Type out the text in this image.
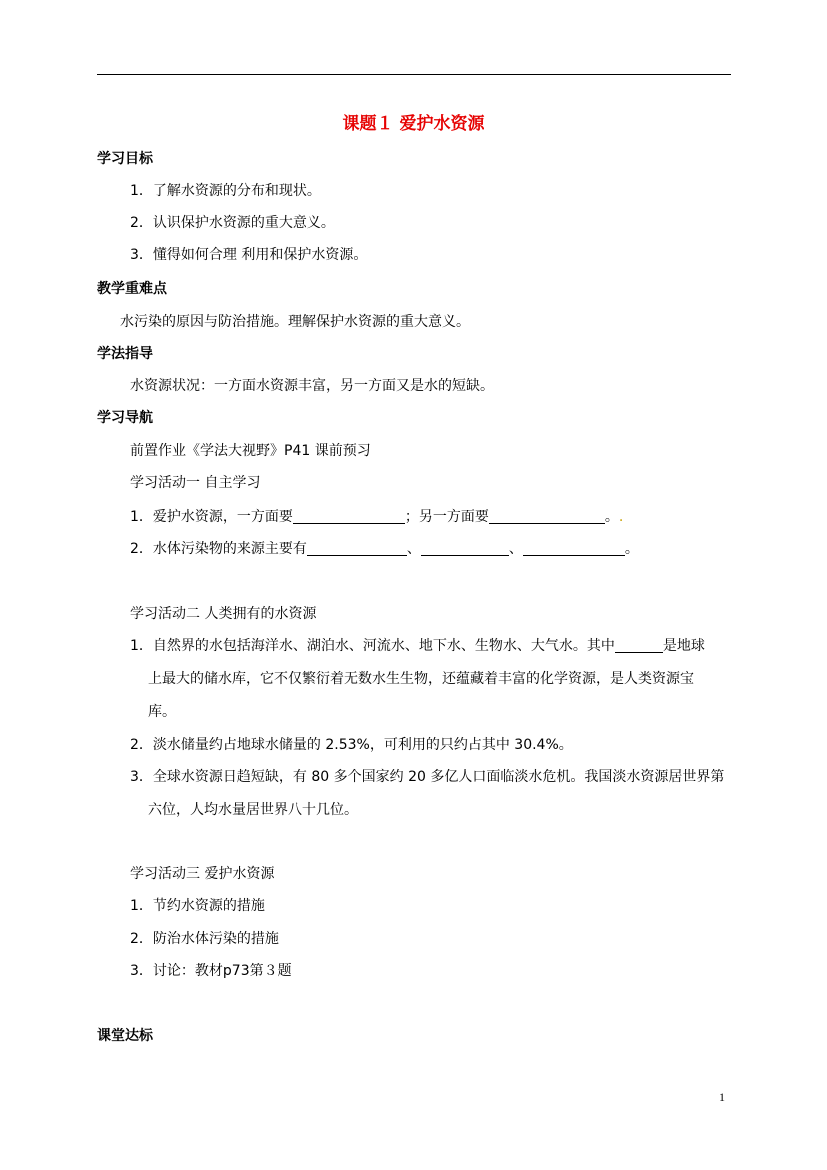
课题１ 爱护水资源
学习目标
1．了解水资源的分布和现状。
2．认识保护水资源的重大意义。
3．懂得如何合理 利用和保护水资源。
教学重难点
水污染的原因与防治措施。理解保护水资源的重大意义。
学法指导
水资源状况：一方面水资源丰富，另一方面又是水的短缺。
学习导航
前置作业《学法大视野》P41 课前预习
学习活动一 自主学习
1．爱护水资源，一方面要	；另一方面要	。.
2．水体污染物的来源主要有	、	、	。
学习活动二 人类拥有的水资源
1．自然界的水包括海洋水、湖泊水、河流水、地下水、生物水、大气水。其中	是地球
上最大的储水库，它不仅繁衍着无数水生生物，还蕴藏着丰富的化学资源，是人类资源宝
库。
2．淡水储量约占地球水储量的 2.53%，可利用的只约占其中 30.4%。
3．全球水资源日趋短缺，有 80 多个国家约 20 多亿人口面临淡水危机。我国淡水资源居世界第
六位，人均水量居世界八十几位。
学习活动三 爱护水资源
1．节约水资源的措施
2．防治水体污染的措施
3．讨论：教材p73第３题
课堂达标
1
